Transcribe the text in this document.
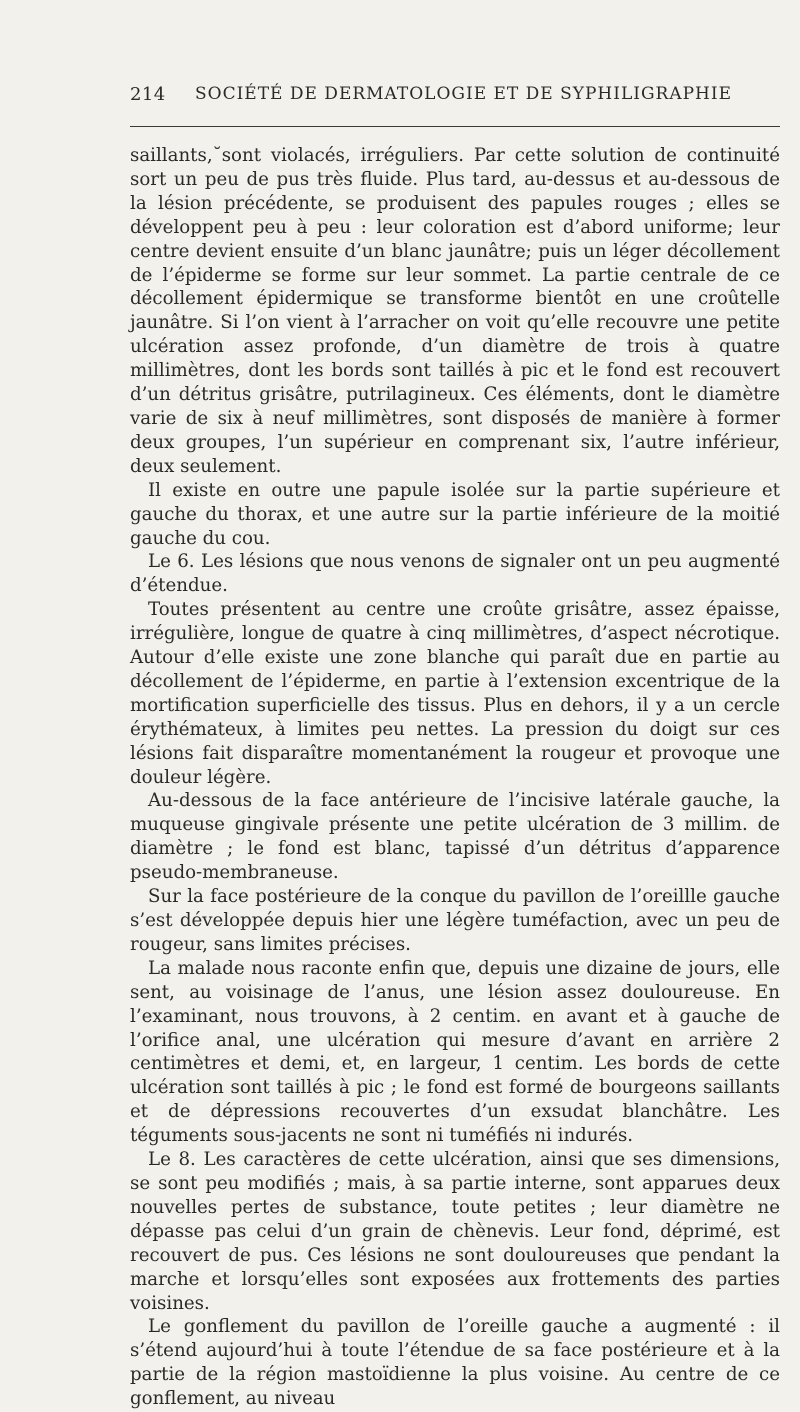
214 SOCIÉTÉ DE DERMATOLOGIE ET DE SYPHILIGRAPHIE

saillants,˘sont violacés, irréguliers. Par cette solution de continuité sort un peu de pus très fluide. Plus tard, au-dessus et au-dessous de la lésion précédente, se produisent des papules rouges ; elles se développent peu à peu : leur coloration est d’abord uniforme; leur centre devient ensuite d’un blanc jaunâtre; puis un léger décollement de l’épiderme se forme sur leur sommet. La partie centrale de ce décollement épidermique se transforme bientôt en une croûtelle jaunâtre. Si l’on vient à l’arracher on voit qu’elle recouvre une petite ulcération assez profonde, d’un diamètre de trois à quatre millimètres, dont les bords sont taillés à pic et le fond est recouvert d’un détritus grisâtre, putrilagineux. Ces éléments, dont le diamètre varie de six à neuf millimètres, sont disposés de manière à former deux groupes, l’un supérieur en comprenant six, l’autre inférieur, deux seulement.

Il existe en outre une papule isolée sur la partie supérieure et gauche du thorax, et une autre sur la partie inférieure de la moitié gauche du cou.

Le 6. Les lésions que nous venons de signaler ont un peu augmenté d’étendue.

Toutes présentent au centre une croûte grisâtre, assez épaisse, irrégulière, longue de quatre à cinq millimètres, d’aspect nécrotique. Autour d’elle existe une zone blanche qui paraît due en partie au décollement de l’épiderme, en partie à l’extension excentrique de la mortification superficielle des tissus. Plus en dehors, il y a un cercle érythémateux, à limites peu nettes. La pression du doigt sur ces lésions fait disparaître momentanément la rougeur et provoque une douleur légère.

Au-dessous de la face antérieure de l’incisive latérale gauche, la muqueuse gingivale présente une petite ulcération de 3 millim. de diamètre ; le fond est blanc, tapissé d’un détritus d’apparence pseudo-membraneuse.

Sur la face postérieure de la conque du pavillon de l’oreillle gauche s’est développée depuis hier une légère tuméfaction, avec un peu de rougeur, sans limites précises.

La malade nous raconte enfin que, depuis une dizaine de jours, elle sent, au voisinage de l’anus, une lésion assez douloureuse. En l’examinant, nous trouvons, à 2 centim. en avant et à gauche de l’orifice anal, une ulcération qui mesure d’avant en arrière 2 centimètres et demi, et, en largeur, 1 centim. Les bords de cette ulcération sont taillés à pic ; le fond est formé de bourgeons saillants et de dépressions recouvertes d’un exsudat blanchâtre. Les téguments sous-jacents ne sont ni tuméfiés ni indurés.

Le 8. Les caractères de cette ulcération, ainsi que ses dimensions, se sont peu modifiés ; mais, à sa partie interne, sont apparues deux nouvelles pertes de substance, toute petites ; leur diamètre ne dépasse pas celui d’un grain de chènevis. Leur fond, déprimé, est recouvert de pus. Ces lésions ne sont douloureuses que pendant la marche et lorsqu’elles sont exposées aux frottements des parties voisines.

Le gonflement du pavillon de l’oreille gauche a augmenté : il s’étend aujourd’hui à toute l’étendue de sa face postérieure et à la partie de la région mastoïdienne la plus voisine. Au centre de ce gonflement, au niveau
